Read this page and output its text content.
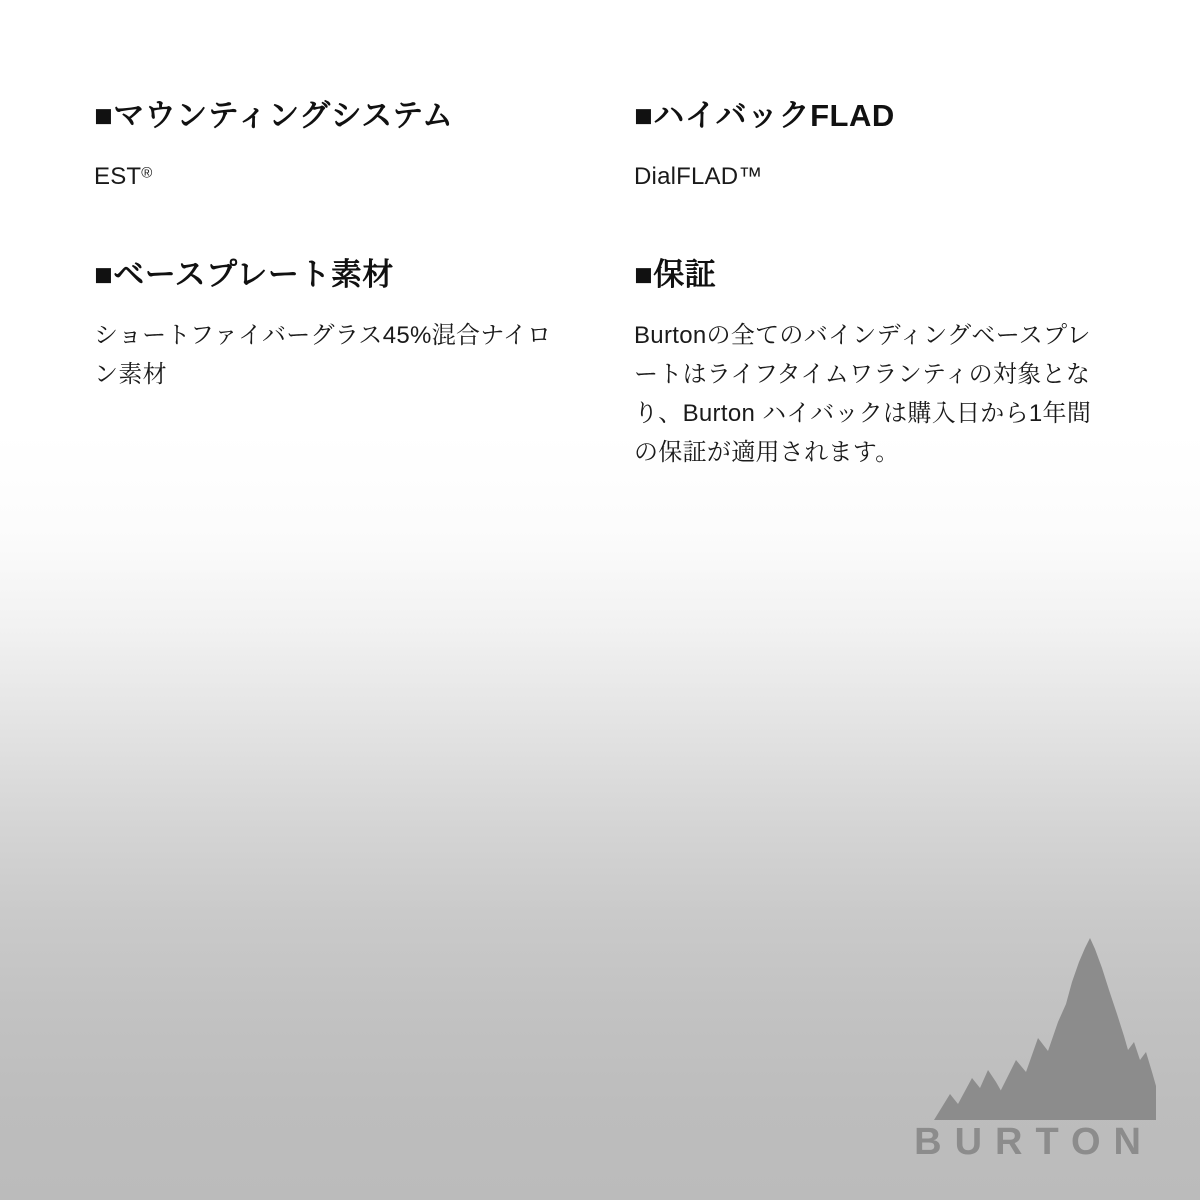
■マウンティングシステム

EST®

■ハイバックFLAD

DialFLAD™

■ベースプレート素材

ショートファイバーグラス45%混合ナイロン素材

■保証

Burtonの全てのバインディングベースプレートはライフタイムワランティの対象となり、Burton ハイバックは購入日から1年間の保証が適用されます。

BURTON
